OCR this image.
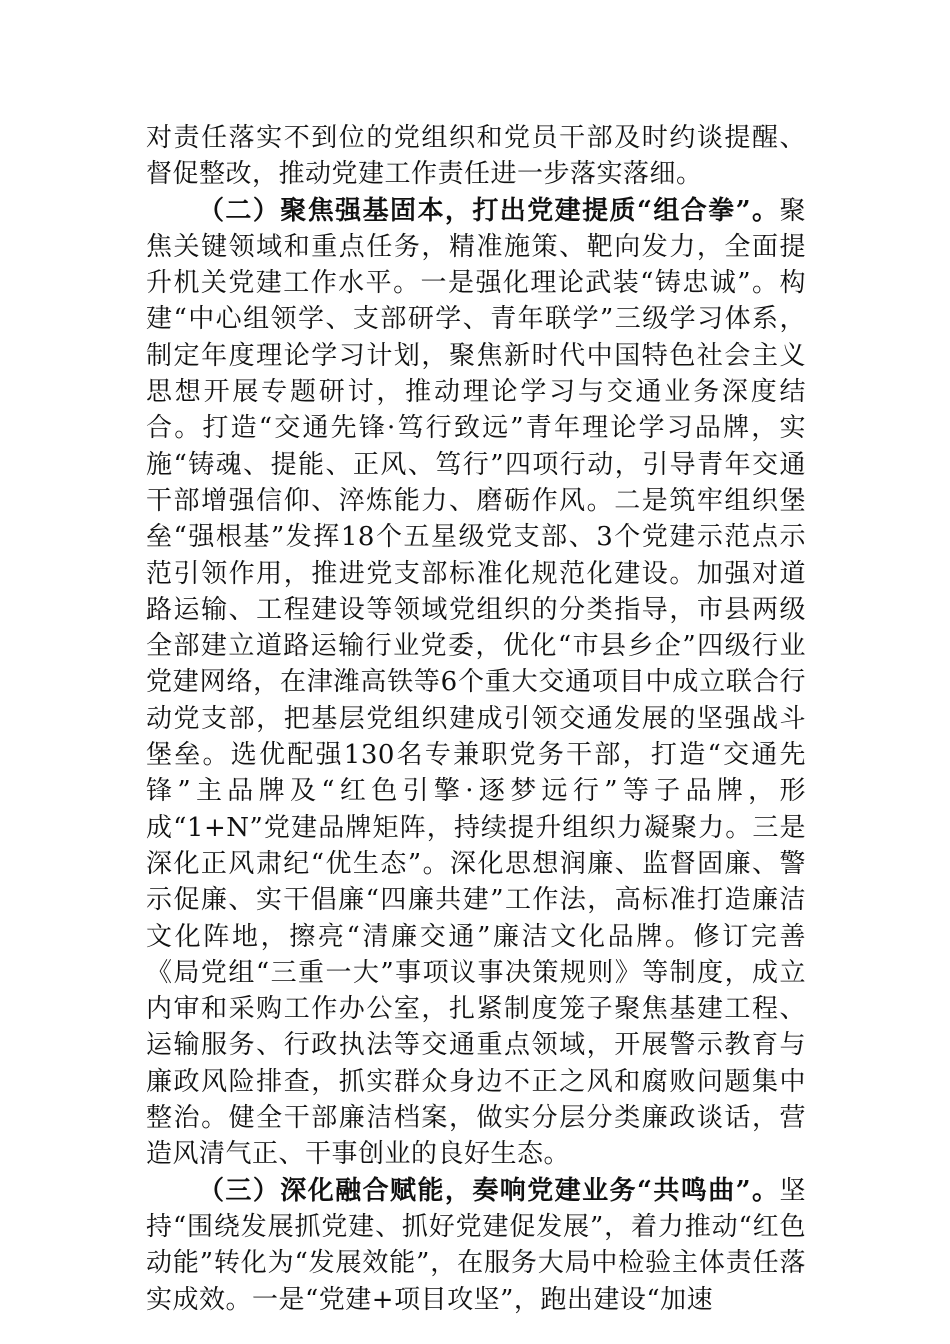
对责任落实不到位的党组织和党员干部及时约谈提醒、督促整改，推动党建工作责任进一步落实落细。

（二）聚焦强基固本，打出党建提质“组合拳”。聚焦关键领域和重点任务，精准施策、靶向发力，全面提升机关党建工作水平。一是强化理论武装“铸忠诚”。构建“中心组领学、支部研学、青年联学”三级学习体系，制定年度理论学习计划，聚焦新时代中国特色社会主义思想开展专题研讨，推动理论学习与交通业务深度结合。打造“交通先锋·笃行致远”青年理论学习品牌，实施“铸魂、提能、正风、笃行”四项行动，引导青年交通干部增强信仰、淬炼能力、磨砺作风。二是筑牢组织堡垒“强根基”发挥18个五星级党支部、3个党建示范点示范引领作用，推进党支部标准化规范化建设。加强对道路运输、工程建设等领域党组织的分类指导，市县两级全部建立道路运输行业党委，优化“市县乡企”四级行业党建网络，在津潍高铁等6个重大交通项目中成立联合行动党支部，把基层党组织建成引领交通发展的坚强战斗堡垒。选优配强130名专兼职党务干部，打造“交通先锋”主品牌及“红色引擎·逐梦远行”等子品牌，形成“1+N”党建品牌矩阵，持续提升组织力凝聚力。三是深化正风肃纪“优生态”。深化思想润廉、监督固廉、警示促廉、实干倡廉“四廉共建”工作法，高标准打造廉洁文化阵地，擦亮“清廉交通”廉洁文化品牌。修订完善《局党组“三重一大”事项议事决策规则》等制度，成立内审和采购工作办公室，扎紧制度笼子聚焦基建工程、运输服务、行政执法等交通重点领域，开展警示教育与廉政风险排查，抓实群众身边不正之风和腐败问题集中整治。健全干部廉洁档案，做实分层分类廉政谈话，营造风清气正、干事创业的良好生态。

（三）深化融合赋能，奏响党建业务“共鸣曲”。坚持“围绕发展抓党建、抓好党建促发展”，着力推动“红色动能”转化为“发展效能”，在服务大局中检验主体责任落实成效。一是“党建+项目攻坚”，跑出建设“加速
